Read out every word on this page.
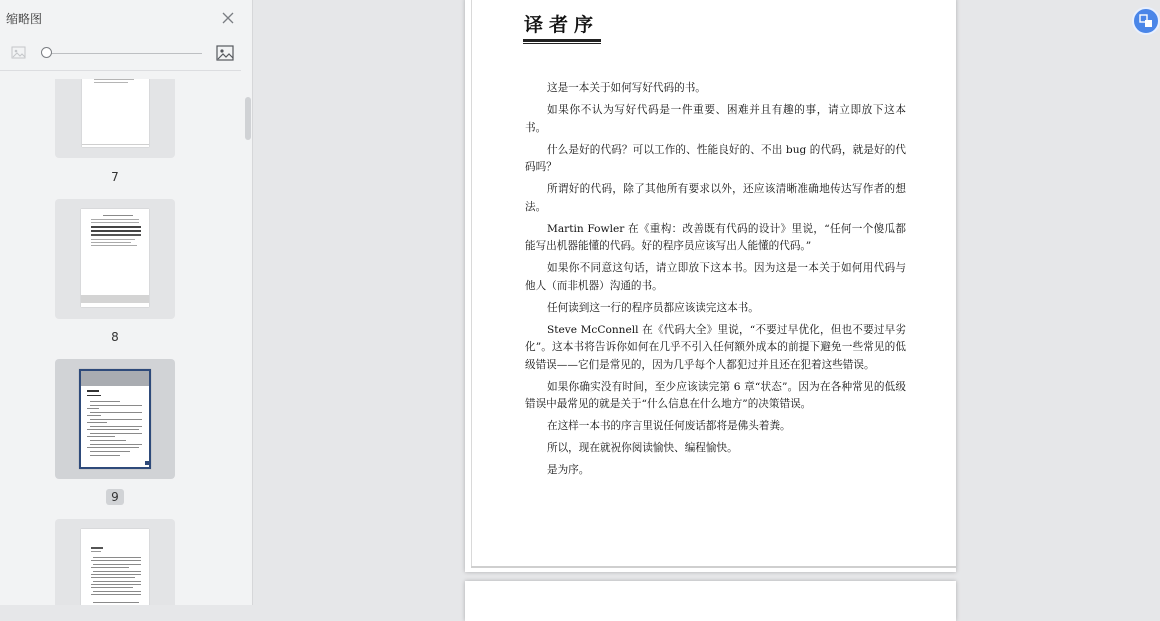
缩略图
7
8
9
译者序

这是一本关于如何写好代码的书。

如果你不认为写好代码是一件重要、困难并且有趣的事，请立即放下这本书。

什么是好的代码？可以工作的、性能良好的、不出 bug 的代码，就是好的代码吗？

所谓好的代码，除了其他所有要求以外，还应该清晰准确地传达写作者的想法。

Martin Fowler 在《重构：改善既有代码的设计》里说，“任何一个傻瓜都能写出机器能懂的代码。好的程序员应该写出人能懂的代码。”

如果你不同意这句话，请立即放下这本书。因为这是一本关于如何用代码与他人（而非机器）沟通的书。

任何读到这一行的程序员都应该读完这本书。

Steve McConnell 在《代码大全》里说，“不要过早优化，但也不要过早劣化”。这本书将告诉你如何在几乎不引入任何额外成本的前提下避免一些常见的低级错误——它们是常见的，因为几乎每个人都犯过并且还在犯着这些错误。

如果你确实没有时间，至少应该读完第 6 章“状态”。因为在各种常见的低级错误中最常见的就是关于“什么信息在什么地方”的决策错误。

在这样一本书的序言里说任何废话都将是佛头着粪。

所以，现在就祝你阅读愉快、编程愉快。

是为序。
